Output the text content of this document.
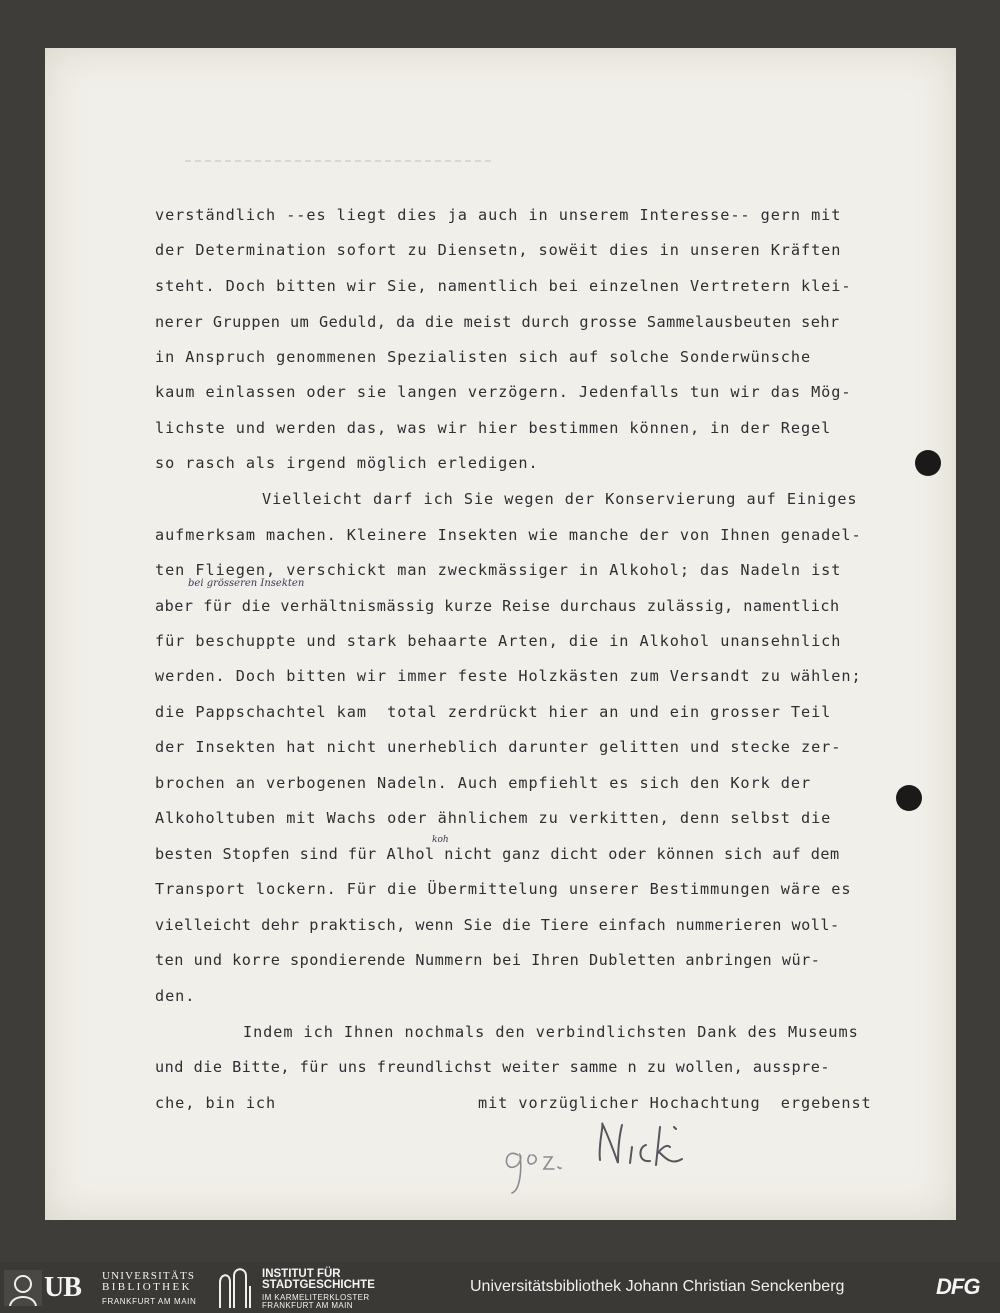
verständlich --es liegt dies ja auch in unserem Interesse-- gern mit
der Determination sofort zu Diensetn, sowëit dies in unseren Kräften
steht. Doch bitten wir Sie, namentlich bei einzelnen Vertretern klei-
nerer Gruppen um Geduld, da die meist durch grosse Sammelausbeuten sehr
in Anspruch genommenen Spezialisten sich auf solche Sonderwünsche
kaum einlassen oder sie langen verzögern. Jedenfalls tun wir das Mög-
lichste und werden das, was wir hier bestimmen können, in der Regel
so rasch als irgend möglich erledigen.
Vielleicht darf ich Sie wegen der Konservierung auf Einiges
aufmerksam machen. Kleinere Insekten wie manche der von Ihnen genadel-
ten Fliegen, verschickt man zweckmässiger in Alkohol; das Nadeln ist
aber für die verhältnismässig kurze Reise durchaus zulässig, namentlich
für beschuppte und stark behaarte Arten, die in Alkohol unansehnlich
werden. Doch bitten wir immer feste Holzkästen zum Versandt zu wählen;
die Pappschachtel kam  total zerdrückt hier an und ein grosser Teil
der Insekten hat nicht unerheblich darunter gelitten und stecke zer-
brochen an verbogenen Nadeln. Auch empfiehlt es sich den Kork der
Alkoholtuben mit Wachs oder ähnlichem zu verkitten, denn selbst die
besten Stopfen sind für Alhol nicht ganz dicht oder können sich auf dem
Transport lockern. Für die Übermittelung unserer Bestimmungen wäre es
vielleicht dehr praktisch, wenn Sie die Tiere einfach nummerieren woll-
ten und korre spondierende Nummern bei Ihren Dubletten anbringen wür-
den.
Indem ich Ihnen nochmals den verbindlichsten Dank des Museums
und die Bitte, für uns freundlichst weiter samme n zu wollen, ausspre-
che, bin ich	mit vorzüglicher Hochachtung  ergebenst
bei grösseren Insekten
koh
UB UNIVERSITÄTS
BIBLIOTHEK
FRANKFURT AM MAIN
INSTITUT FÜR
STADTGESCHICHTE
IM KARMELITERKLOSTER
FRANKFURT AM MAIN
Universitätsbibliothek Johann Christian Senckenberg	DFG
